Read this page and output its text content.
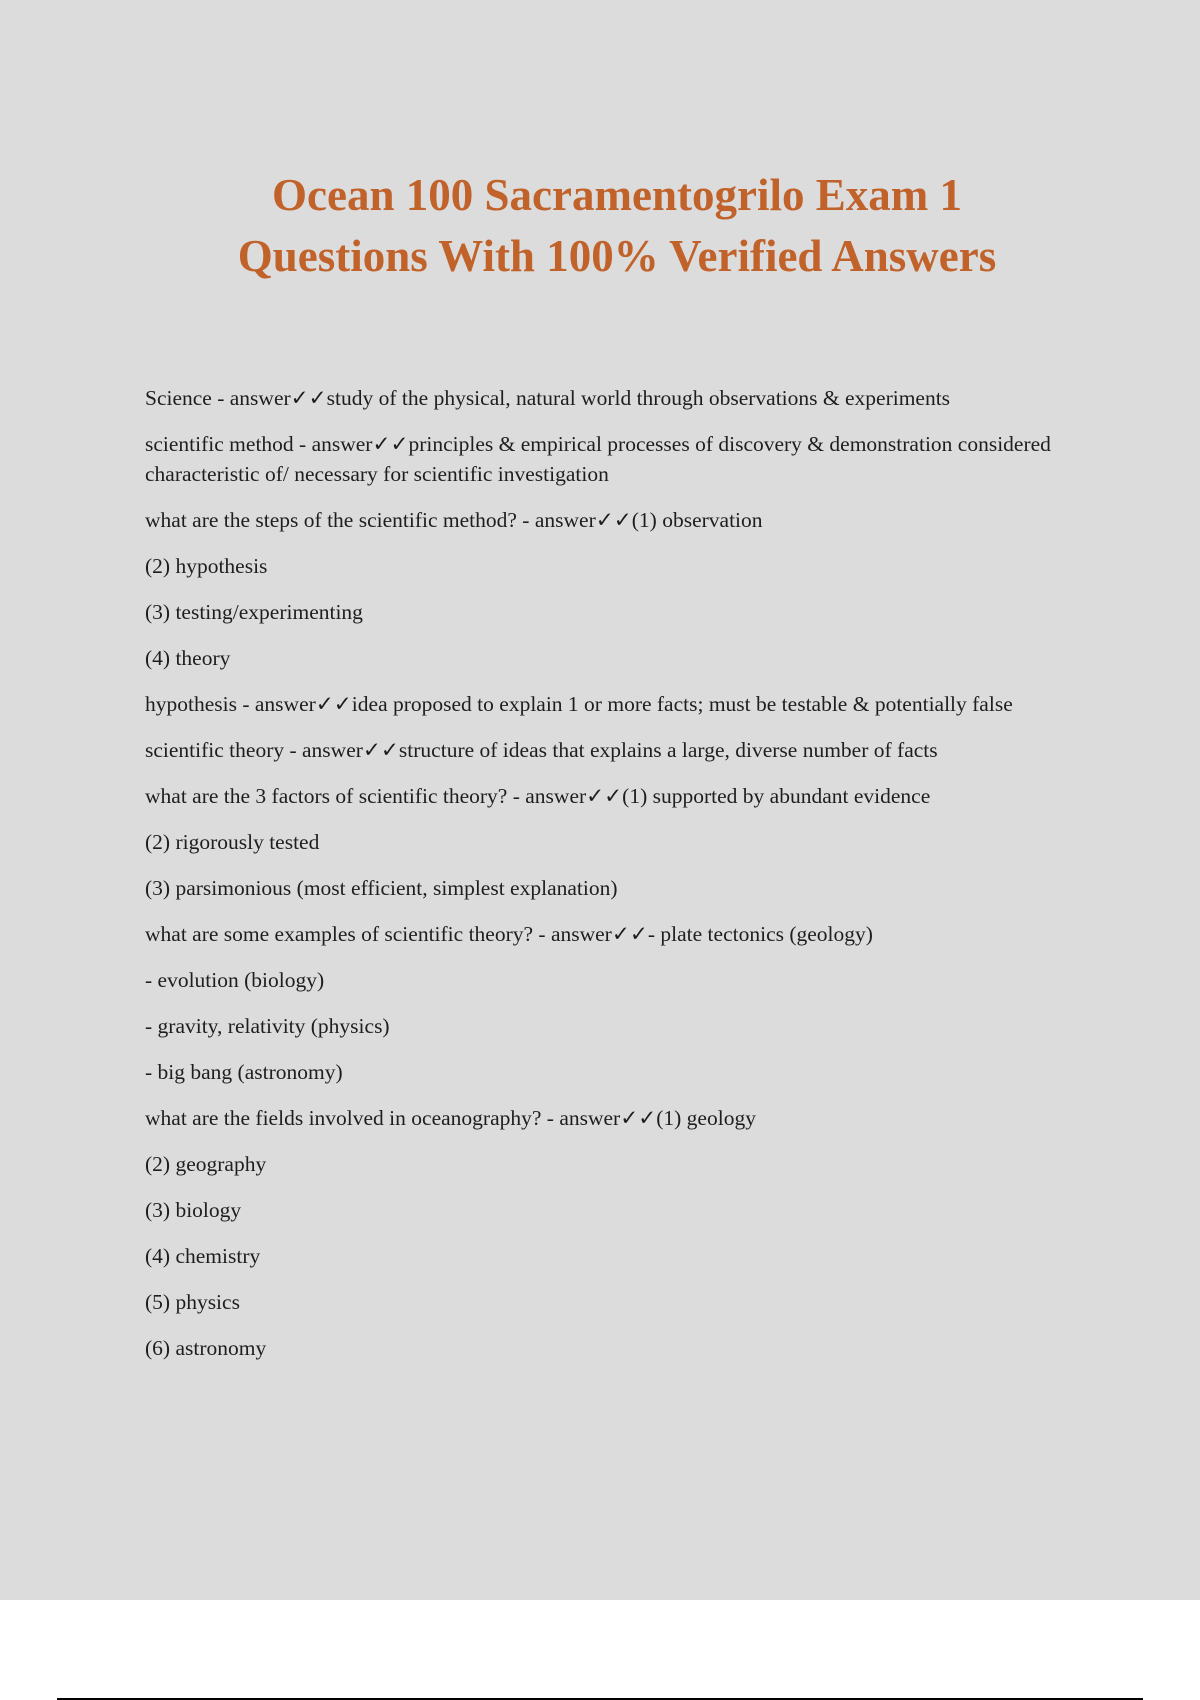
Ocean 100 Sacramentogrilo Exam 1
Questions With 100% Verified Answers

Science - answer✓✓study of the physical, natural world through observations & experiments

scientific method - answer✓✓principles & empirical processes of discovery & demonstration considered characteristic of/ necessary for scientific investigation

what are the steps of the scientific method? - answer✓✓(1) observation

(2) hypothesis

(3) testing/experimenting

(4) theory

hypothesis - answer✓✓idea proposed to explain 1 or more facts; must be testable & potentially false

scientific theory - answer✓✓structure of ideas that explains a large, diverse number of facts

what are the 3 factors of scientific theory? - answer✓✓(1) supported by abundant evidence

(2) rigorously tested

(3) parsimonious (most efficient, simplest explanation)

what are some examples of scientific theory? - answer✓✓- plate tectonics (geology)

- evolution (biology)

- gravity, relativity (physics)

- big bang (astronomy)

what are the fields involved in oceanography? - answer✓✓(1) geology

(2) geography

(3) biology

(4) chemistry

(5) physics

(6) astronomy
